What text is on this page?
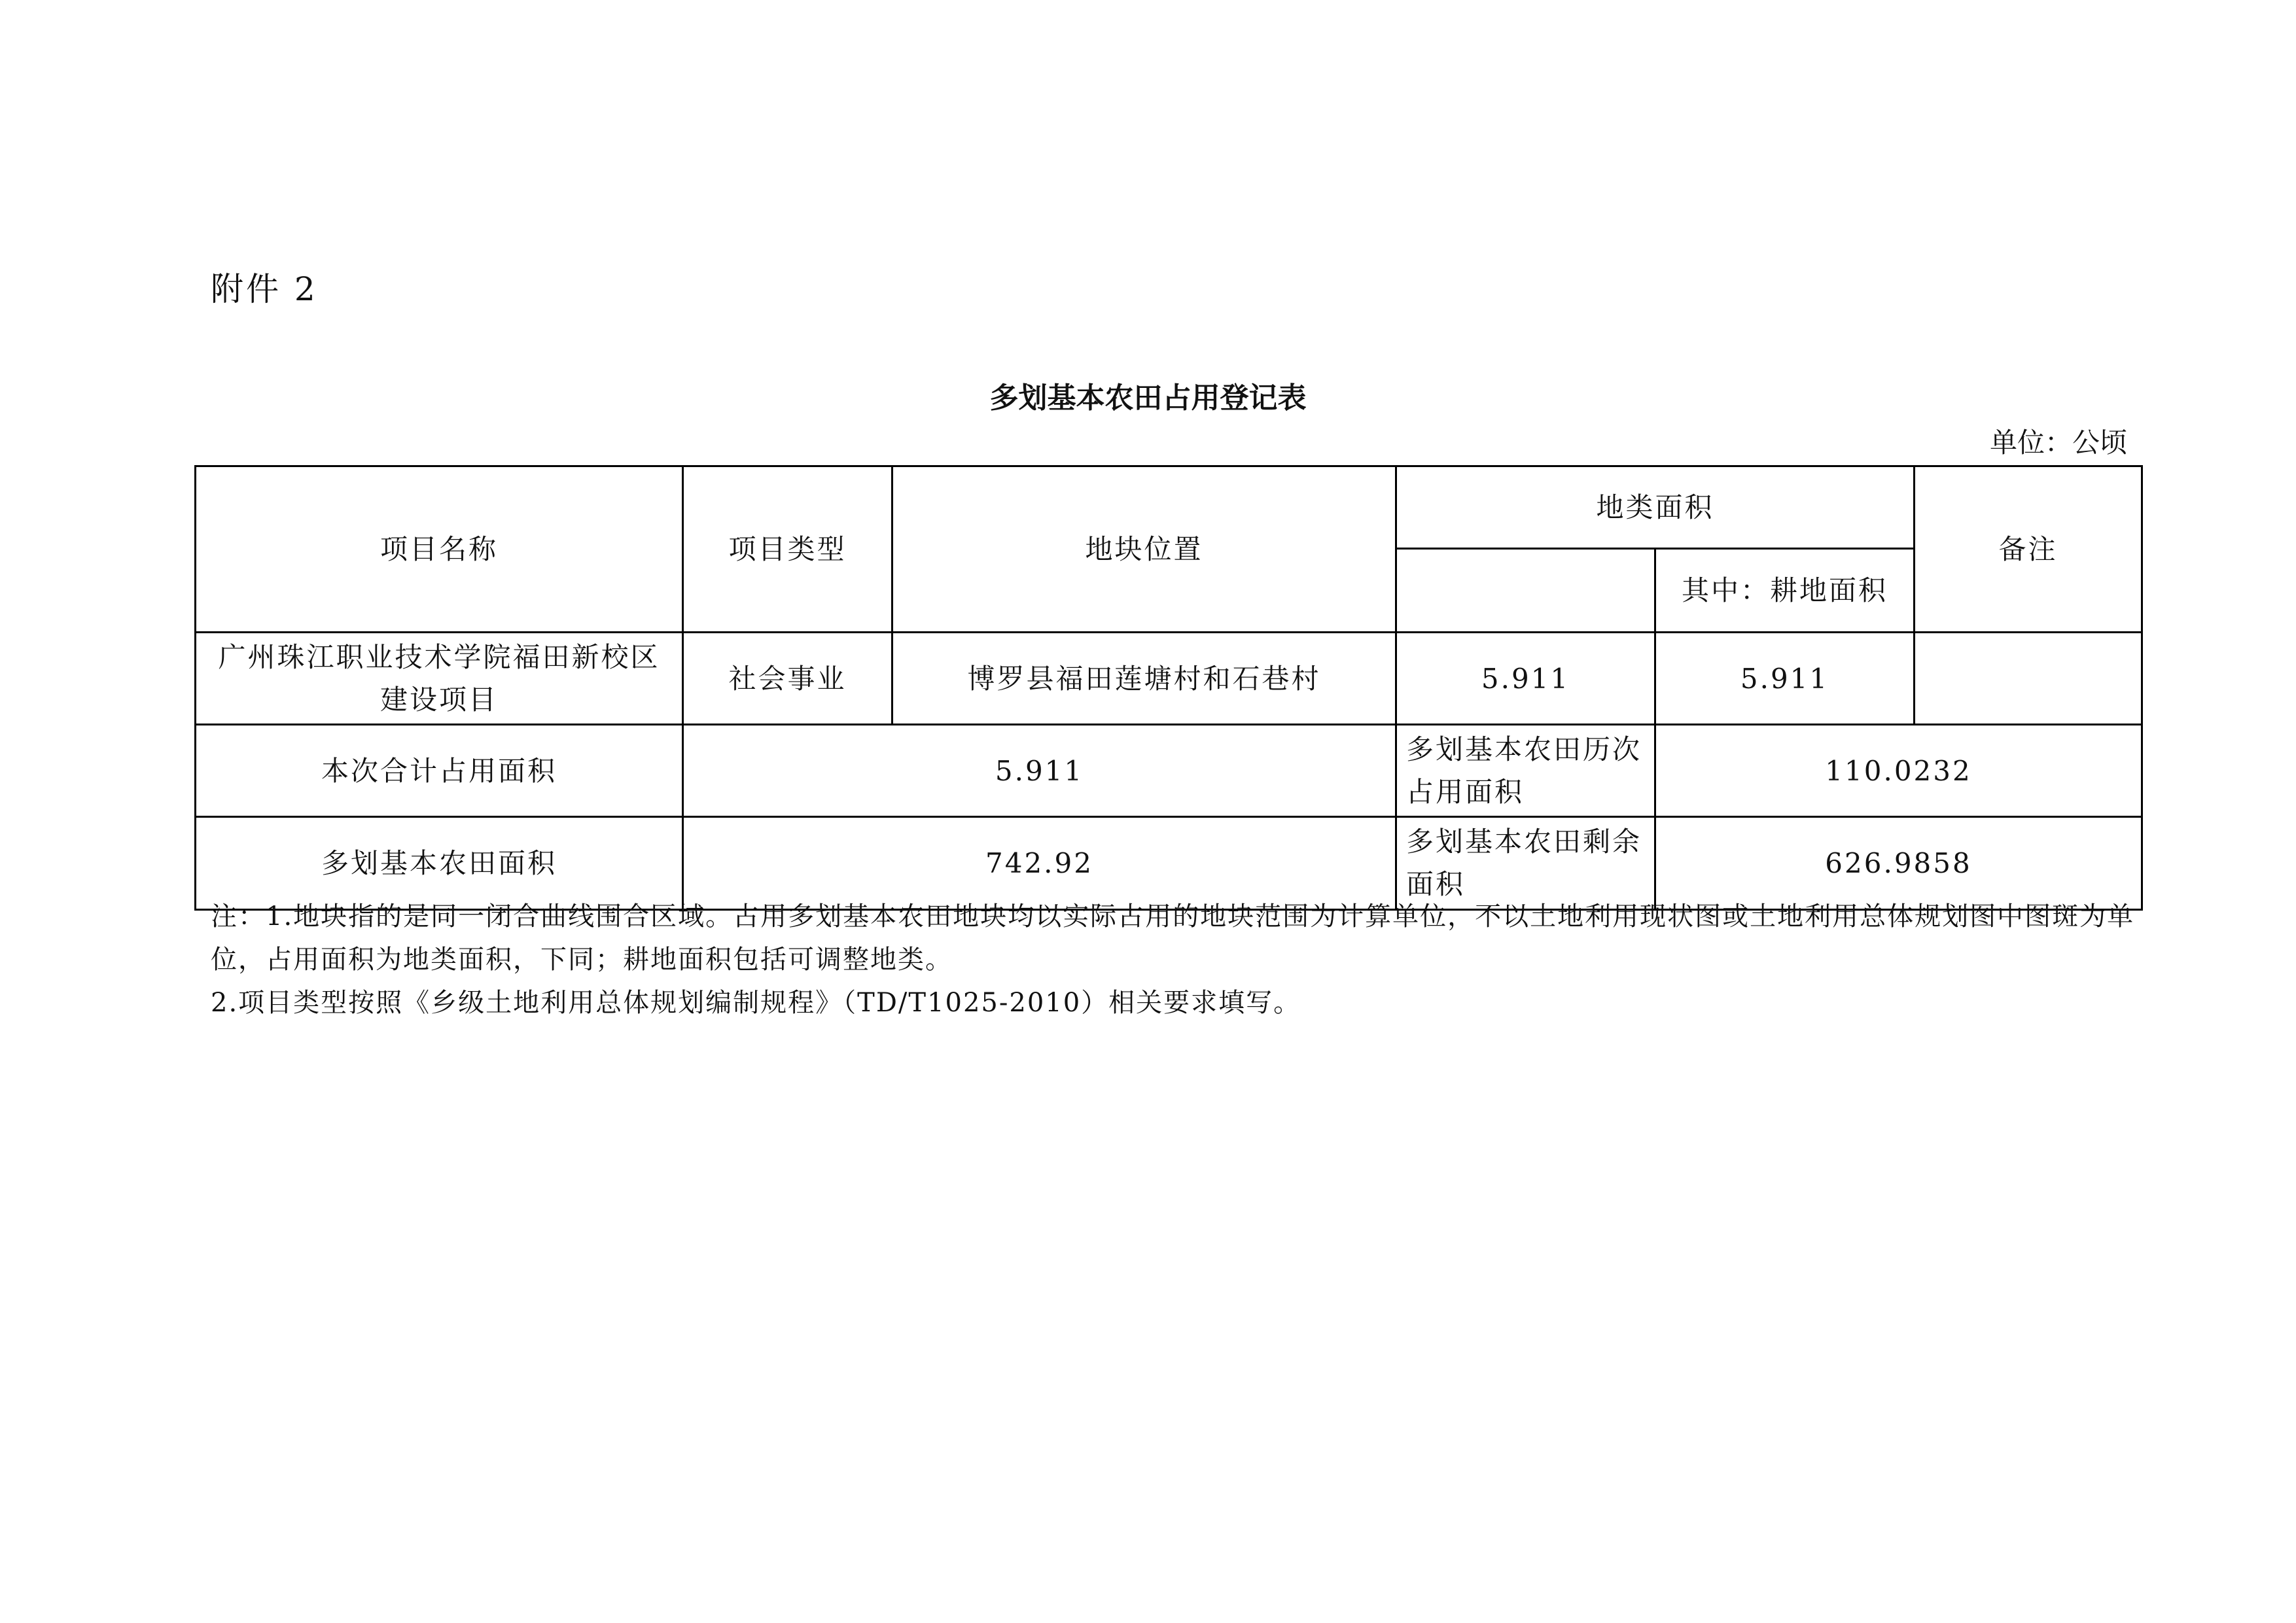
附件 2
多划基本农田占用登记表
单位：公顷
项目名称	项目类型	地块位置	地类面积		备注
				其中：耕地面积	
广州珠江职业技术学院福田新校区建设项目	社会事业	博罗县福田莲塘村和石巷村	5.911	5.911	
本次合计占用面积	5.911		多划基本农田历次占用面积	110.0232	
多划基本农田面积	742.92		多划基本农田剩余面积	626.9858	

注：1.地块指的是同一闭合曲线围合区域。占用多划基本农田地块均以实际占用的地块范围为计算单位，不以土地利用现状图或土地利用总体规划图中图斑为单位，占用面积为地类面积，下同；耕地面积包括可调整地类。

2.项目类型按照《乡级土地利用总体规划编制规程》（TD/T1025-2010）相关要求填写。
